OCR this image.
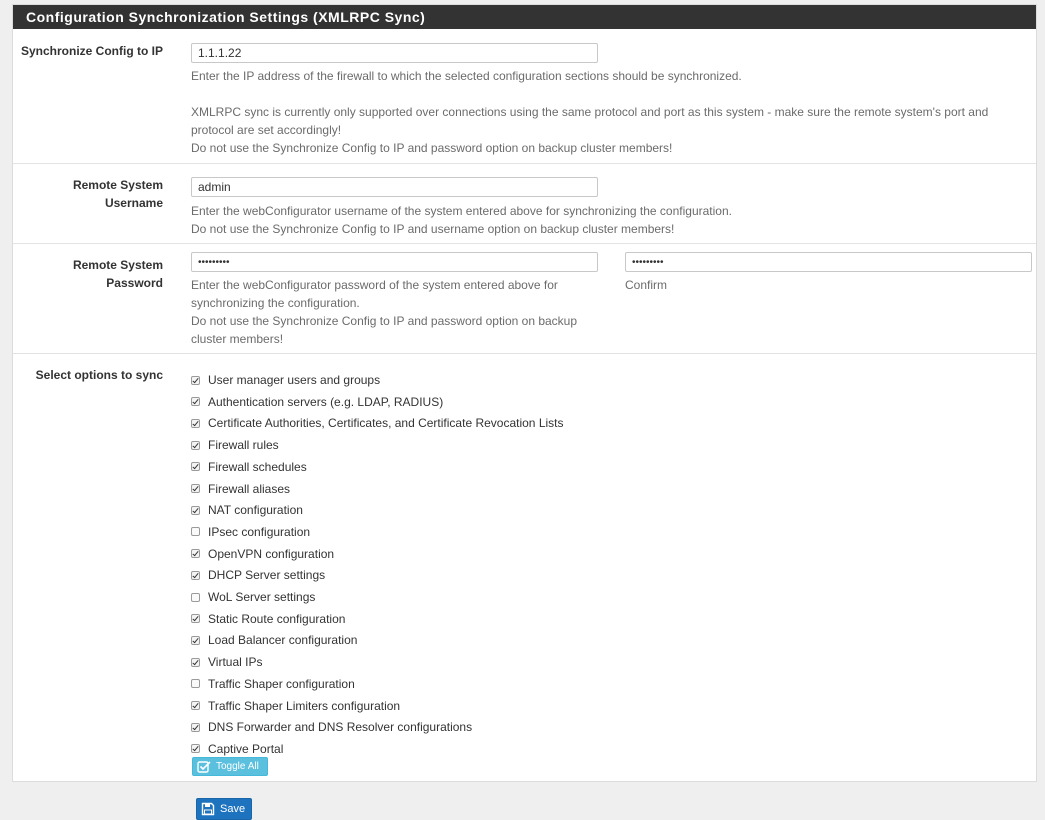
Configuration Synchronization Settings (XMLRPC Sync)
Synchronize Config to IP
1.1.1.22
Enter the IP address of the firewall to which the selected configuration sections should be synchronized.
XMLRPC sync is currently only supported over connections using the same protocol and port as this system - make sure the remote system's port and
protocol are set accordingly!
Do not use the Synchronize Config to IP and password option on backup cluster members!
Remote System
Username
admin
Enter the webConfigurator username of the system entered above for synchronizing the configuration.
Do not use the Synchronize Config to IP and username option on backup cluster members!
Remote System
Password
•••••••••
••••••••• Enter the webConfigurator password of the system entered above for
synchronizing the configuration.
Do not use the Synchronize Config to IP and password option on backup
cluster members!
Confirm
Select options to sync	User manager users and groups
Authentication servers (e.g. LDAP, RADIUS)
Certificate Authorities, Certificates, and Certificate Revocation Lists
Firewall rules
Firewall schedules
Firewall aliases
NAT configuration
IPsec configuration
OpenVPN configuration
DHCP Server settings
WoL Server settings
Static Route configuration
Load Balancer configuration
Virtual IPs
Traffic Shaper configuration
Traffic Shaper Limiters configuration
DNS Forwarder and DNS Resolver configurations
Captive Portal
Toggle All
Save
